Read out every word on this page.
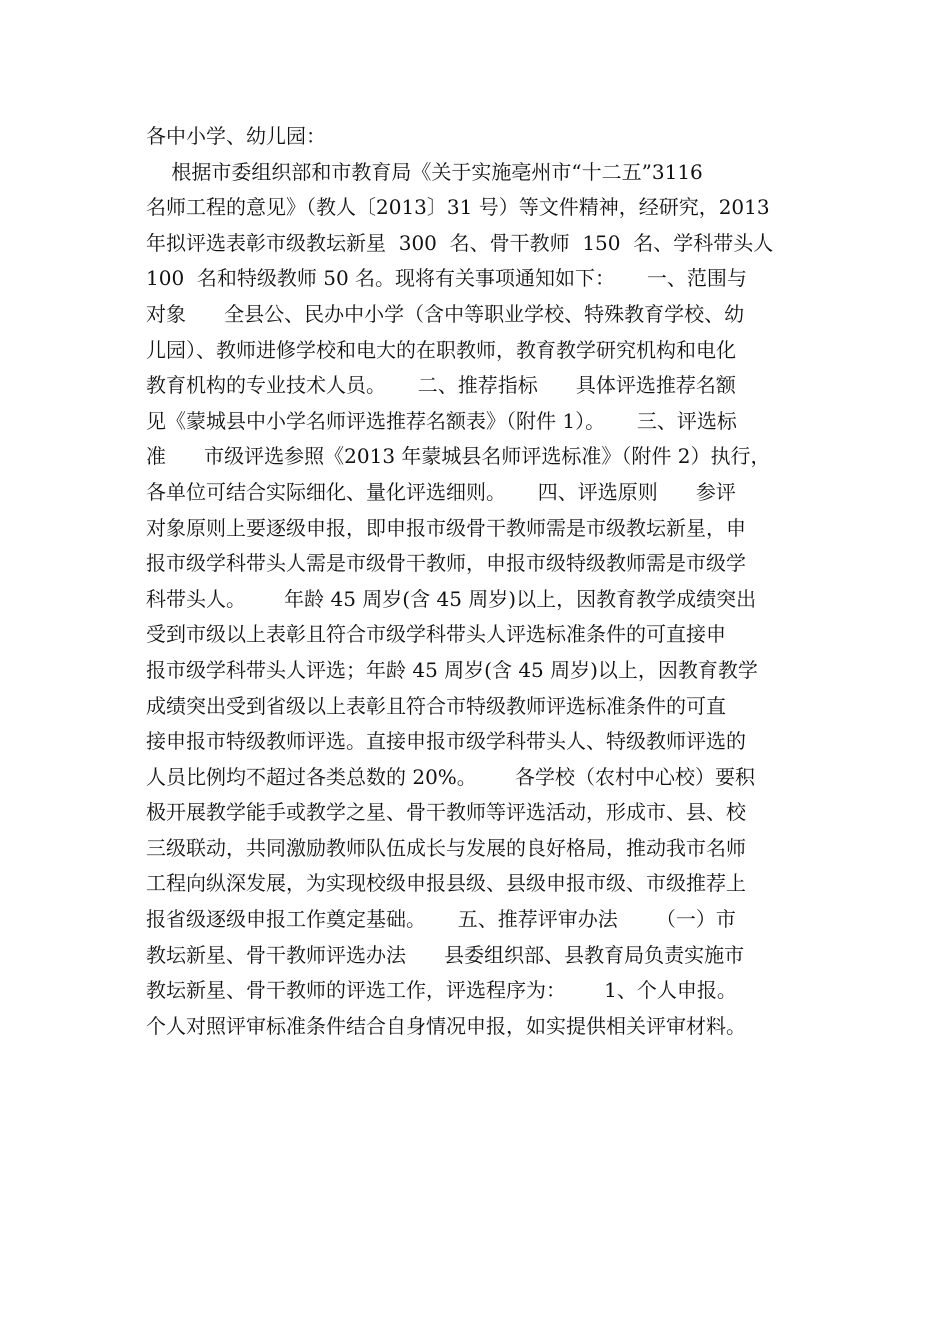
各中小学、幼儿园：
根据市委组织部和市教育局《关于实施亳州市“十二五”3116
名师工程的意见》（教人〔2013〕31 号）等文件精神，经研究，2013
年拟评选表彰市级教坛新星  300  名、骨干教师  150  名、学科带头人
100  名和特级教师 50 名。现将有关事项通知如下：     一、范围与
对象      全县公、民办中小学（含中等职业学校、特殊教育学校、幼
儿园）、教师进修学校和电大的在职教师，教育教学研究机构和电化
教育机构的专业技术人员。     二、推荐指标      具体评选推荐名额
见《蒙城县中小学名师评选推荐名额表》（附件 1）。     三、评选标
准      市级评选参照《2013 年蒙城县名师评选标准》（附件 2）执行，
各单位可结合实际细化、量化评选细则。     四、评选原则      参评
对象原则上要逐级申报，即申报市级骨干教师需是市级教坛新星，申
报市级学科带头人需是市级骨干教师，申报市级特级教师需是市级学
科带头人。      年龄 45 周岁(含 45 周岁)以上，因教育教学成绩突出
受到市级以上表彰且符合市级学科带头人评选标准条件的可直接申
报市级学科带头人评选；年龄 45 周岁(含 45 周岁)以上，因教育教学
成绩突出受到省级以上表彰且符合市特级教师评选标准条件的可直
接申报市特级教师评选。直接申报市级学科带头人、特级教师评选的
人员比例均不超过各类总数的 20%。      各学校（农村中心校）要积
极开展教学能手或教学之星、骨干教师等评选活动，形成市、县、校
三级联动，共同激励教师队伍成长与发展的良好格局，推动我市名师
工程向纵深发展，为实现校级申报县级、县级申报市级、市级推荐上
报省级逐级申报工作奠定基础。     五、推荐评审办法      （一）市
教坛新星、骨干教师评选办法      县委组织部、县教育局负责实施市
教坛新星、骨干教师的评选工作，评选程序为：      1、个人申报。
个人对照评审标准条件结合自身情况申报，如实提供相关评审材料。
